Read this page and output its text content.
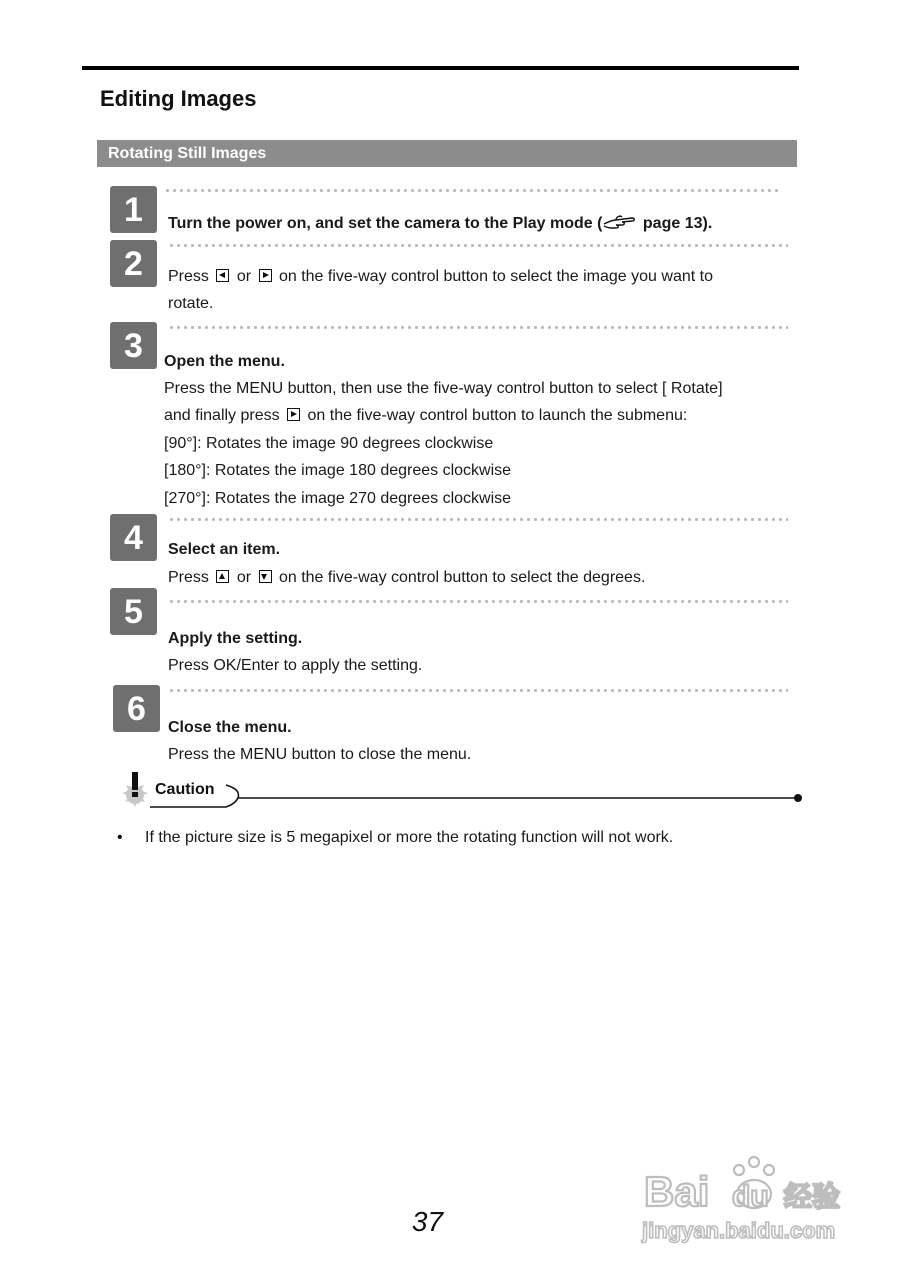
Editing Images
Rotating Still Images
1	Turn the power on, and set the camera to the Play mode ( page 13).
2	Press or on the five-way control button to select the image you want to
rotate.
3	Open the menu.
Press the MENU button, then use the five-way control button to select [ Rotate]
and finally press on the five-way control button to launch the submenu:
[90°]: Rotates the image 90 degrees clockwise
[180°]: Rotates the image 180 degrees clockwise
[270°]: Rotates the image 270 degrees clockwise
4	Select an item.
Press or on the five-way control button to select the degrees.
5
Apply the setting.
Press OK/Enter to apply the setting.
6	Close the menu.
Press the MENU button to close the menu.
Caution
• If the picture size is 5 megapixel or more the rotating function will not work.
37
Bai du 经验
jingyan.baidu.com
